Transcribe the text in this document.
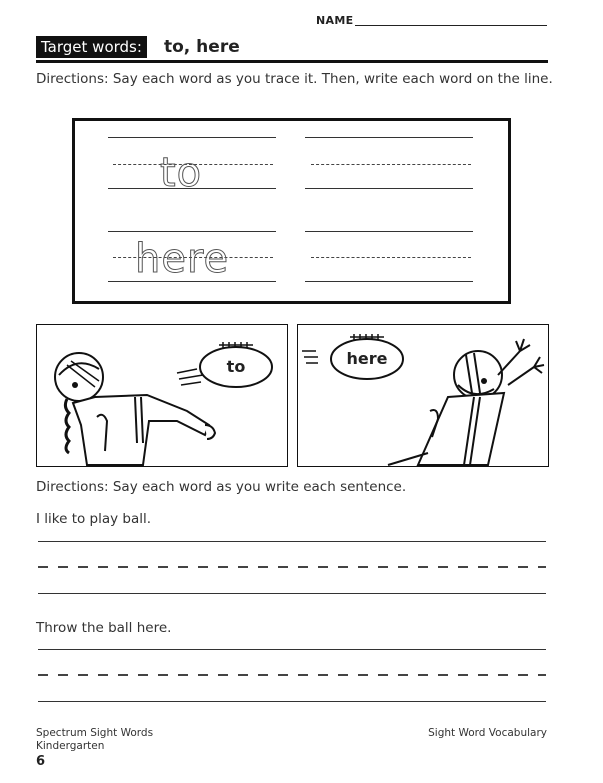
NAME
Target words: to, here
Directions: Say each word as you trace it. Then, write each word on the line.
to
here
to	here
Directions: Say each word as you write each sentence.
I like to play ball.
Throw the ball here.
Spectrum Sight Words
Kindergarten
6
Sight Word Vocabulary
